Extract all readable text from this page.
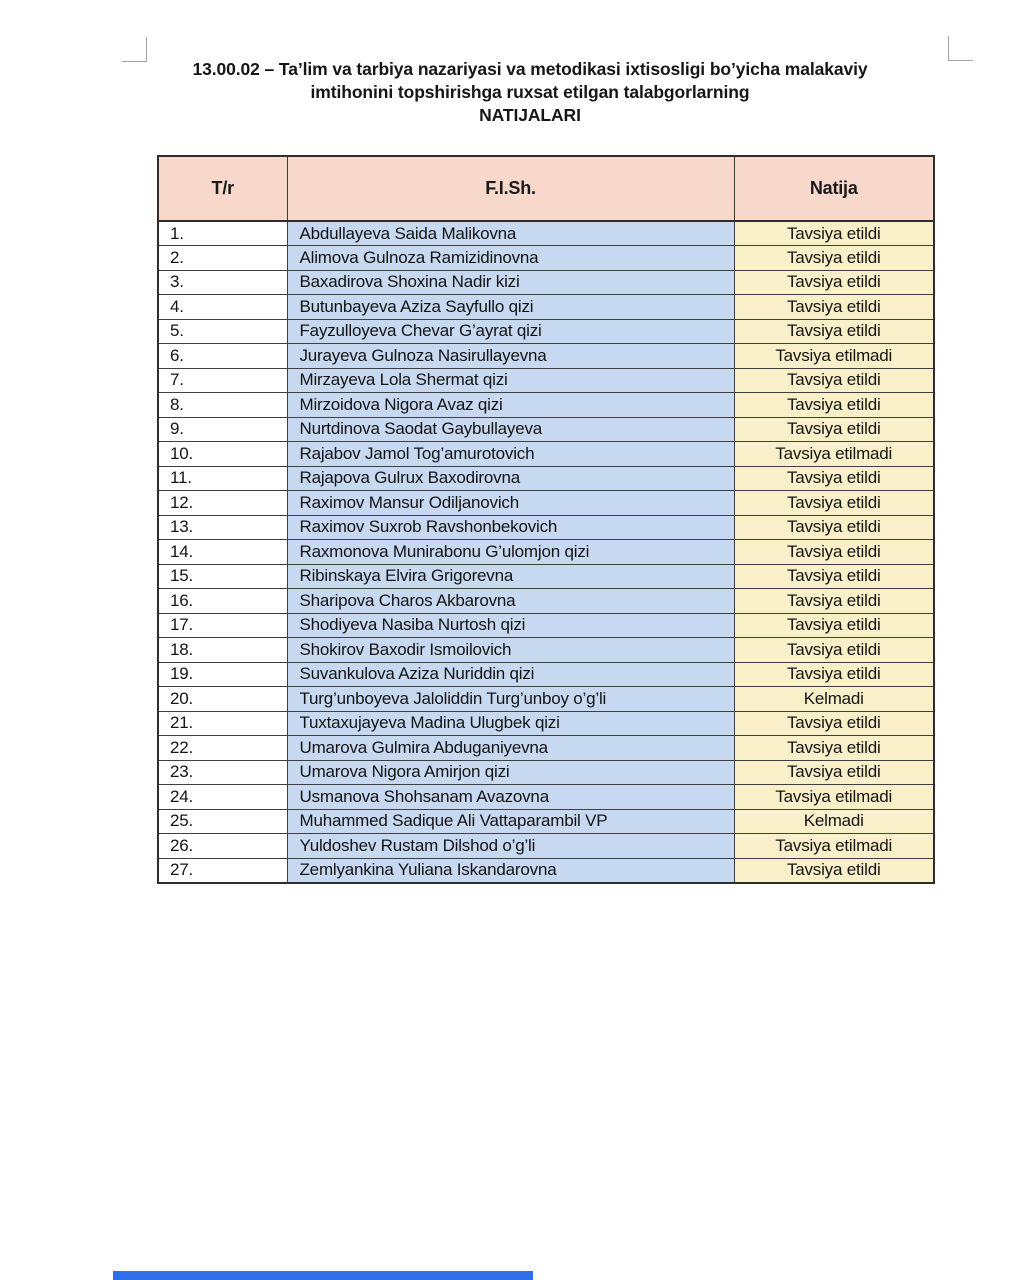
13.00.02 – Ta’lim va tarbiya nazariyasi va metodikasi ixtisosligi bo’yicha malakaviy
imtihonini topshirishga ruxsat etilgan talabgorlarning
NATIJALARI
T/r	F.I.Sh.	Natija
1.	Abdullayeva Saida Malikovna	Tavsiya etildi
2.	Alimova Gulnoza Ramizidinovna	Tavsiya etildi
3.	Baxadirova Shoxina Nadir kizi	Tavsiya etildi
4.	Butunbayeva Aziza Sayfullo qizi	Tavsiya etildi
5.	Fayzulloyeva Chevar G’ayrat qizi	Tavsiya etildi
6.	Jurayeva Gulnoza Nasirullayevna	Tavsiya etilmadi
7.	Mirzayeva Lola Shermat qizi	Tavsiya etildi
8.	Mirzoidova Nigora Avaz qizi	Tavsiya etildi
9.	Nurtdinova Saodat Gaybullayeva	Tavsiya etildi
10.	Rajabov Jamol Tog’amurotovich	Tavsiya etilmadi
11.	Rajapova Gulrux Baxodirovna	Tavsiya etildi
12.	Raximov Mansur Odiljanovich	Tavsiya etildi
13.	Raximov Suxrob Ravshonbekovich	Tavsiya etildi
14.	Raxmonova Munirabonu G’ulomjon qizi	Tavsiya etildi
15.	Ribinskaya Elvira Grigorevna	Tavsiya etildi
16.	Sharipova Charos Akbarovna	Tavsiya etildi
17.	Shodiyeva Nasiba Nurtosh qizi	Tavsiya etildi
18.	Shokirov Baxodir Ismoilovich	Tavsiya etildi
19.	Suvankulova Aziza Nuriddin qizi	Tavsiya etildi
20.	Turg’unboyeva Jaloliddin Turg’unboy o’g’li	Kelmadi
21.	Tuxtaxujayeva Madina Ulugbek qizi	Tavsiya etildi
22.	Umarova Gulmira Abduganiyevna	Tavsiya etildi
23.	Umarova Nigora Amirjon qizi	Tavsiya etildi
24.	Usmanova Shohsanam Avazovna	Tavsiya etilmadi
25.	Muhammed Sadique Ali Vattaparambil VP	Kelmadi
26.	Yuldoshev Rustam Dilshod o’g’li	Tavsiya etilmadi
27.	Zemlyankina Yuliana Iskandarovna	Tavsiya etildi
